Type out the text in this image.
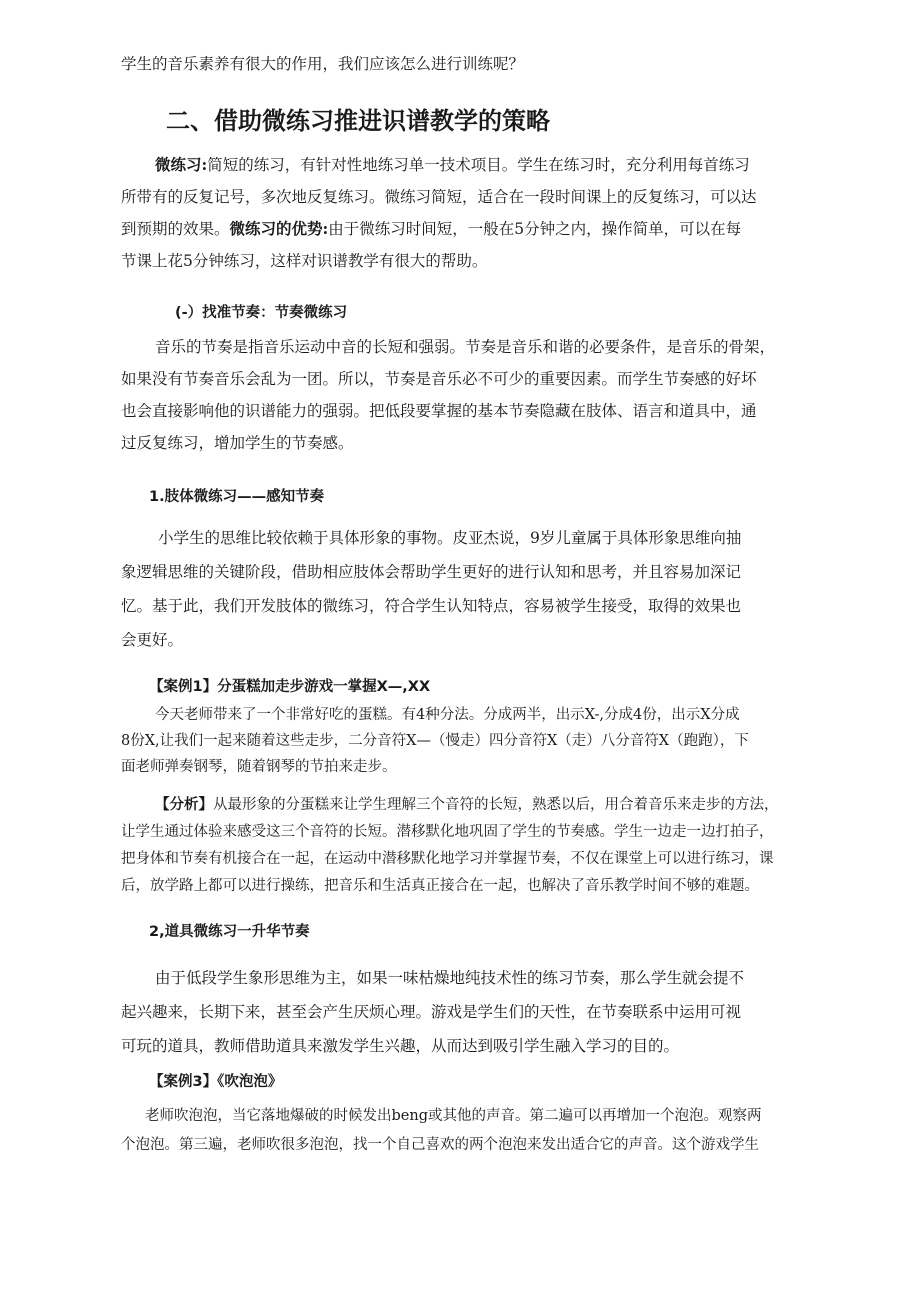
学生的音乐素养有很大的作用，我们应该怎么进行训练呢？
二、借助微练习推进识谱教学的策略
微练习:简短的练习，有针对性地练习单一技术项目。学生在练习时，充分利用每首练习
所带有的反复记号，多次地反复练习。微练习简短，适合在一段时间课上的反复练习，可以达
到预期的效果。微练习的优势:由于微练习时间短，一般在5分钟之内，操作简单，可以在每
节课上花5分钟练习，这样对识谱教学有很大的帮助。
(-）找准节奏：节奏微练习
音乐的节奏是指音乐运动中音的长短和强弱。节奏是音乐和谐的必要条件，是音乐的骨架，
如果没有节奏音乐会乱为一团。所以，节奏是音乐必不可少的重要因素。而学生节奏感的好坏
也会直接影响他的识谱能力的强弱。把低段要掌握的基本节奏隐藏在肢体、语言和道具中，通
过反复练习，增加学生的节奏感。
1.肢体微练习——感知节奏
小学生的思维比较依赖于具体形象的事物。皮亚杰说，9岁儿童属于具体形象思维向抽
象逻辑思维的关键阶段，借助相应肢体会帮助学生更好的进行认知和思考，并且容易加深记
忆。基于此，我们开发肢体的微练习，符合学生认知特点，容易被学生接受，取得的效果也
会更好。
【案例1】分蛋糕加走步游戏一掌握X—,XX
今天老师带来了一个非常好吃的蛋糕。有4种分法。分成两半，出示X-,分成4份，出示X分成
8份X,让我们一起来随着这些走步，二分音符X—（慢走）四分音符X（走）八分音符X（跑跑），下
面老师弹奏钢琴，随着钢琴的节拍来走步。
【分析】从最形象的分蛋糕来让学生理解三个音符的长短，熟悉以后，用合着音乐来走步的方法，
让学生通过体验来感受这三个音符的长短。潜移默化地巩固了学生的节奏感。学生一边走一边打拍子，
把身体和节奏有机接合在一起，在运动中潜移默化地学习并掌握节奏，不仅在课堂上可以进行练习，课
后，放学路上都可以进行操练，把音乐和生活真正接合在一起，也解决了音乐教学时间不够的难题。
2,道具微练习一升华节奏
由于低段学生象形思维为主，如果一味枯燥地纯技术性的练习节奏，那么学生就会提不
起兴趣来，长期下来，甚至会产生厌烦心理。游戏是学生们的天性，在节奏联系中运用可视
可玩的道具，教师借助道具来激发学生兴趣，从而达到吸引学生融入学习的目的。
【案例3】《吹泡泡》
老师吹泡泡，当它落地爆破的时候发出beng或其他的声音。第二遍可以再增加一个泡泡。观察两
个泡泡。第三遍，老师吹很多泡泡，找一个自己喜欢的两个泡泡来发出适合它的声音。这个游戏学生
